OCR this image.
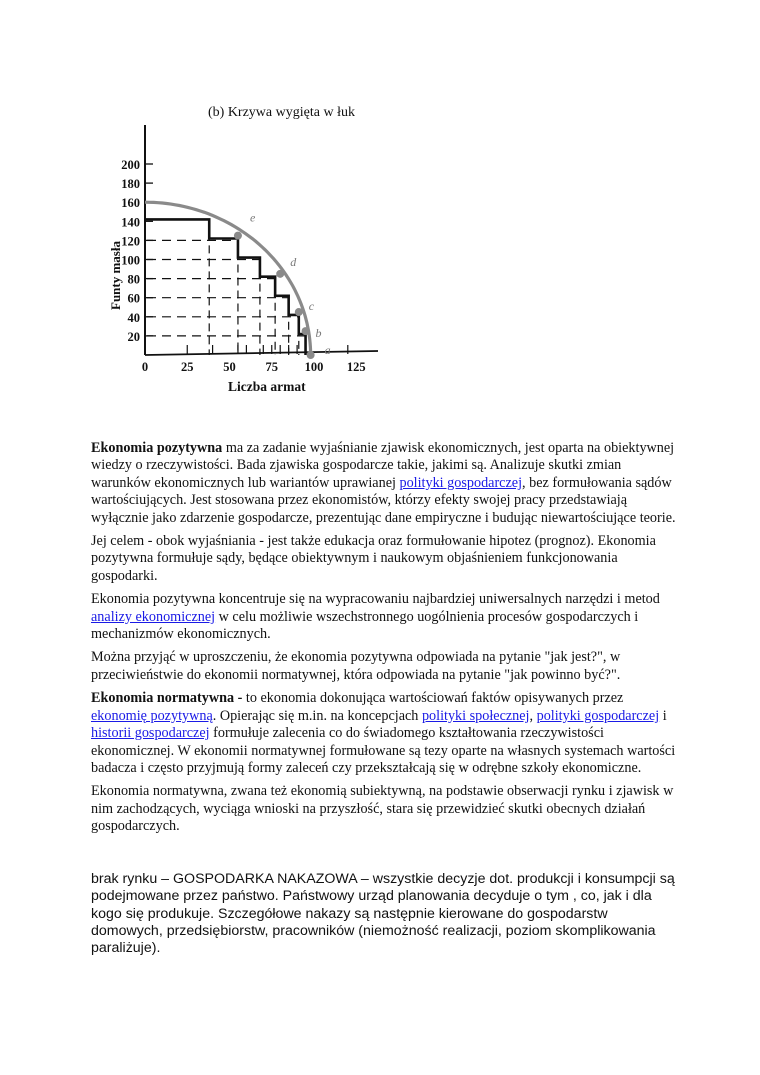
(b) Krzywa wygięta w łuk
e
d
c
b
a
20
40
60
80
100
120
140
160
180
200
0	25 50 75 100 125
Funty masła
Liczba armat

Ekonomia pozytywna ma za zadanie wyjaśnianie zjawisk ekonomicznych, jest oparta na obiektywnej wiedzy o rzeczywistości. Bada zjawiska gospodarcze takie, jakimi są. Analizuje skutki zmian warunków ekonomicznych lub wariantów uprawianej polityki gospodarczej, bez formułowania sądów wartościujących. Jest stosowana przez ekonomistów, którzy efekty swojej pracy przedstawiają wyłącznie jako zdarzenie gospodarcze, prezentując dane empiryczne i budując niewartościujące teorie.

Jej celem - obok wyjaśniania - jest także edukacja oraz formułowanie hipotez (prognoz). Ekonomia pozytywna formułuje sądy, będące obiektywnym i naukowym objaśnieniem funkcjonowania gospodarki.

Ekonomia pozytywna koncentruje się na wypracowaniu najbardziej uniwersalnych narzędzi i metod analizy ekonomicznej w celu możliwie wszechstronnego uogólnienia procesów gospodarczych i mechanizmów ekonomicznych.

Można przyjąć w uproszczeniu, że ekonomia pozytywna odpowiada na pytanie "jak jest?", w przeciwieństwie do ekonomii normatywnej, która odpowiada na pytanie "jak powinno być?".

Ekonomia normatywna - to ekonomia dokonująca wartościowań faktów opisywanych przez ekonomię pozytywną. Opierając się m.in. na koncepcjach polityki społecznej, polityki gospodarczej i historii gospodarczej formułuje zalecenia co do świadomego kształtowania rzeczywistości ekonomicznej. W ekonomii normatywnej formułowane są tezy oparte na własnych systemach wartości badacza i często przyjmują formy zaleceń czy przekształcają się w odrębne szkoły ekonomiczne.

Ekonomia normatywna, zwana też ekonomią subiektywną, na podstawie obserwacji rynku i zjawisk w nim zachodzących, wyciąga wnioski na przyszłość, stara się przewidzieć skutki obecnych działań gospodarczych.

brak rynku – GOSPODARKA NAKAZOWA – wszystkie decyzje dot. produkcji i konsumpcji są podejmowane przez państwo. Państwowy urząd planowania decyduje o tym , co, jak i dla kogo się produkuje. Szczegółowe nakazy są następnie kierowane do gospodarstw domowych, przedsiębiorstw, pracowników (niemożność realizacji, poziom skomplikowania paraliżuje).
